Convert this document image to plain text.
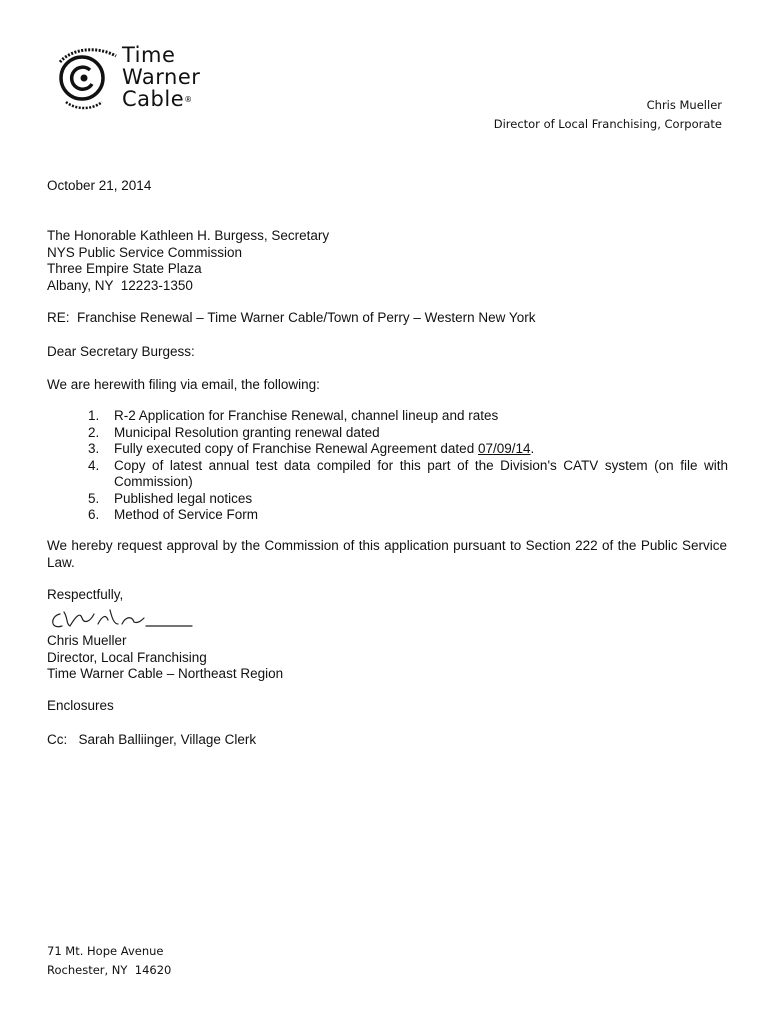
Time
Warner
Cable®	Chris Mueller
Director of Local Franchising, Corporate
October 21, 2014
The Honorable Kathleen H. Burgess, Secretary
NYS Public Service Commission
Three Empire State Plaza
Albany, NY  12223-1350
RE:  Franchise Renewal – Time Warner Cable/Town of Perry – Western New York
Dear Secretary Burgess:
We are herewith filing via email, the following:
1. R-2 Application for Franchise Renewal, channel lineup and rates
2. Municipal Resolution granting renewal dated
3. Fully executed copy of Franchise Renewal Agreement dated 07/09/14.
4. Copy of latest annual test data compiled for this part of the Division's CATV system (on file with Commission)
5. Published legal notices
6. Method of Service Form
We hereby request approval by the Commission of this application pursuant to Section 222 of the Public Service Law.
Respectfully,
Chris Mueller
Director, Local Franchising
Time Warner Cable – Northeast Region
Enclosures
Cc:   Sarah Balliinger, Village Clerk
71 Mt. Hope Avenue
Rochester, NY  14620
